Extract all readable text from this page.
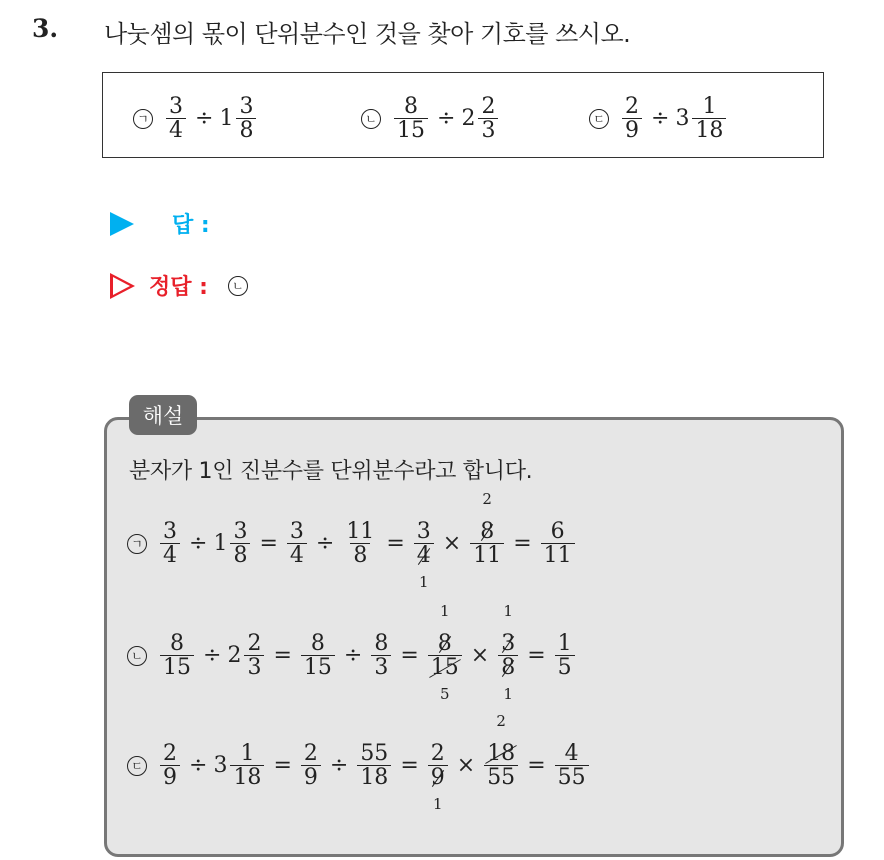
3. 나눗셈의 몫이 단위분수인 것을 찾아 기호를 쓰시오.
ㄱ $\frac{3}{4} \div 1 \frac{3}{8}$	ㄴ $\frac{8}{15} \div 2 \frac{2}{3}$	ㄷ $\frac{2}{9} \div 3 \frac{1}{18}$
답 :
정답 :	ㄴ
해설
분자가 1인 진분수를 단위분수라고 합니다.
ㄱ $\frac{3}{4} \div 1 \frac{3}{8} = \frac{3}{4} \div \frac{11}{8} = 3$
4
1 × 8
2
$11 = \frac{6}{11}$
ㄴ $\frac{8}{15} \div 2 \frac{2}{3} = \frac{8}{15} \div \frac{8}{3} = 8$
1
15
5 × 3
1
8
$1 = \frac{1}{5}$
ㄷ $\frac{2}{9} \div 3 \frac{1}{18} = \frac{2}{9} \div \frac{55}{18} = 2$
9
1 × 18
2
$55 = \frac{4}{55}$
